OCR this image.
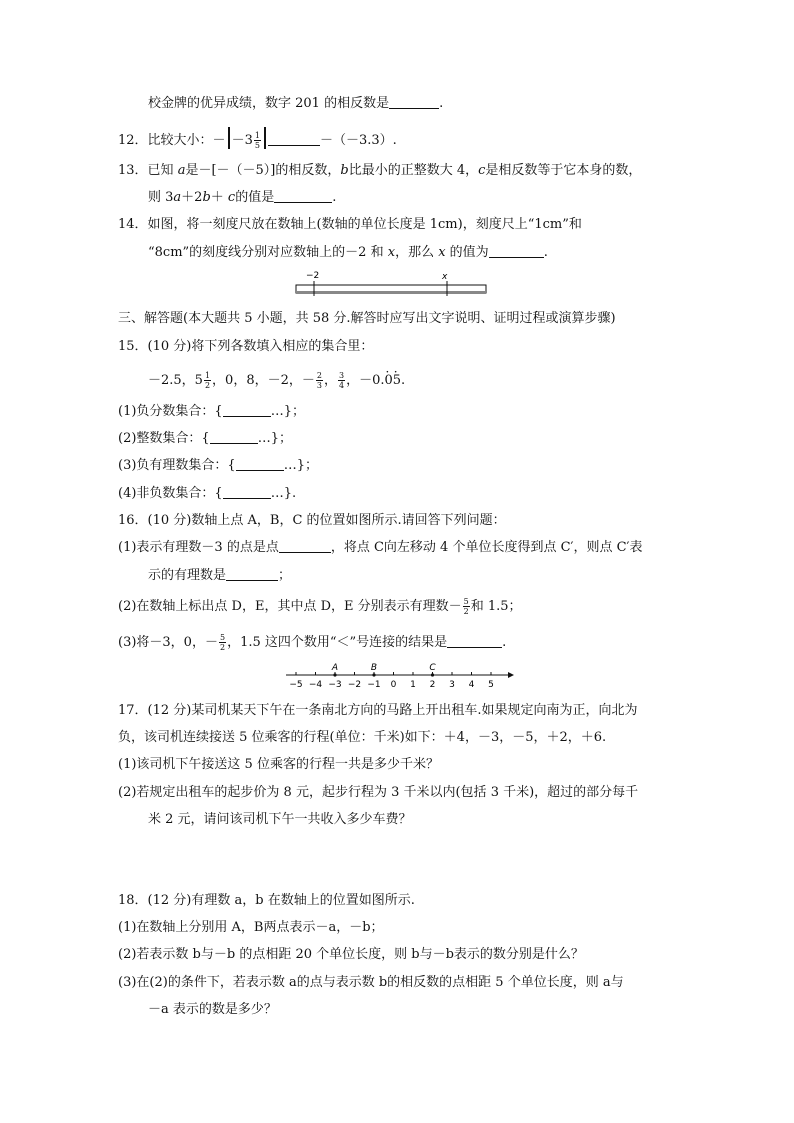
校金牌的优异成绩，数字 201 的相反数是	.
12．比较大小：－ $-3 \frac{1}{5}$	－（－3.3）.
13．已知 a是－[－（－5）]的相反数，b比最小的正整数大 4，c是相反数等于它本身的数，
则 3a＋2b＋ c的值是	.
14．如图，将一刻度尺放在数轴上(数轴的单位长度是 1cm)，刻度尺上“1cm”和
“8cm”的刻度线分别对应数轴上的－2 和 x，那么 x 的值为	.
−2	x
三、解答题(本大题共 5 小题，共 58 分.解答时应写出文字说明、证明过程或演算步骤)
15．(10 分)将下列各数填入相应的集合里：
－2.5，$5 \frac{1}{2}$ ，0，8，－2，－ $\frac{2}{3}$ ， $\frac{3}{4}$ ，－0.· 0· 5.
(1)负分数集合：{	…}；
(2)整数集合：{	…}；
(3)负有理数集合：{	…}；
(4)非负数集合：{	…}.
16．(10 分)数轴上点 A，B，C 的位置如图所示.请回答下列问题：
(1)表示有理数－3 的点是点	，将点 C向左移动 4 个单位长度得到点 C′，则点 C′表
示的有理数是	；
(2)在数轴上标出点 D，E，其中点 D，E 分别表示有理数－ $\frac{5}{2}$ 和 1.5；
(3)将－3，0，－ $\frac{5}{2}$ ，1.5 这四个数用“＜”号连接的结果是	.
−5 −4 −3 −2 −1 0 1 2 3 4 5
A	B	C
17．(12 分)某司机某天下午在一条南北方向的马路上开出租车.如果规定向南为正，向北为
负，该司机连续接送 5 位乘客的行程(单位：千米)如下：＋4，－3，－5，＋2，＋6.
(1)该司机下午接送这 5 位乘客的行程一共是多少千米？
(2)若规定出租车的起步价为 8 元，起步行程为 3 千米以内(包括 3 千米)，超过的部分每千
米 2 元，请问该司机下午一共收入多少车费？
18．(12 分)有理数 a，b 在数轴上的位置如图所示.
(1)在数轴上分别用 A，B两点表示－a，－b；
(2)若表示数 b与－b 的点相距 20 个单位长度，则 b与－b表示的数分别是什么？
(3)在(2)的条件下，若表示数 a的点与表示数 b的相反数的点相距 5 个单位长度，则 a与
－a 表示的数是多少？
